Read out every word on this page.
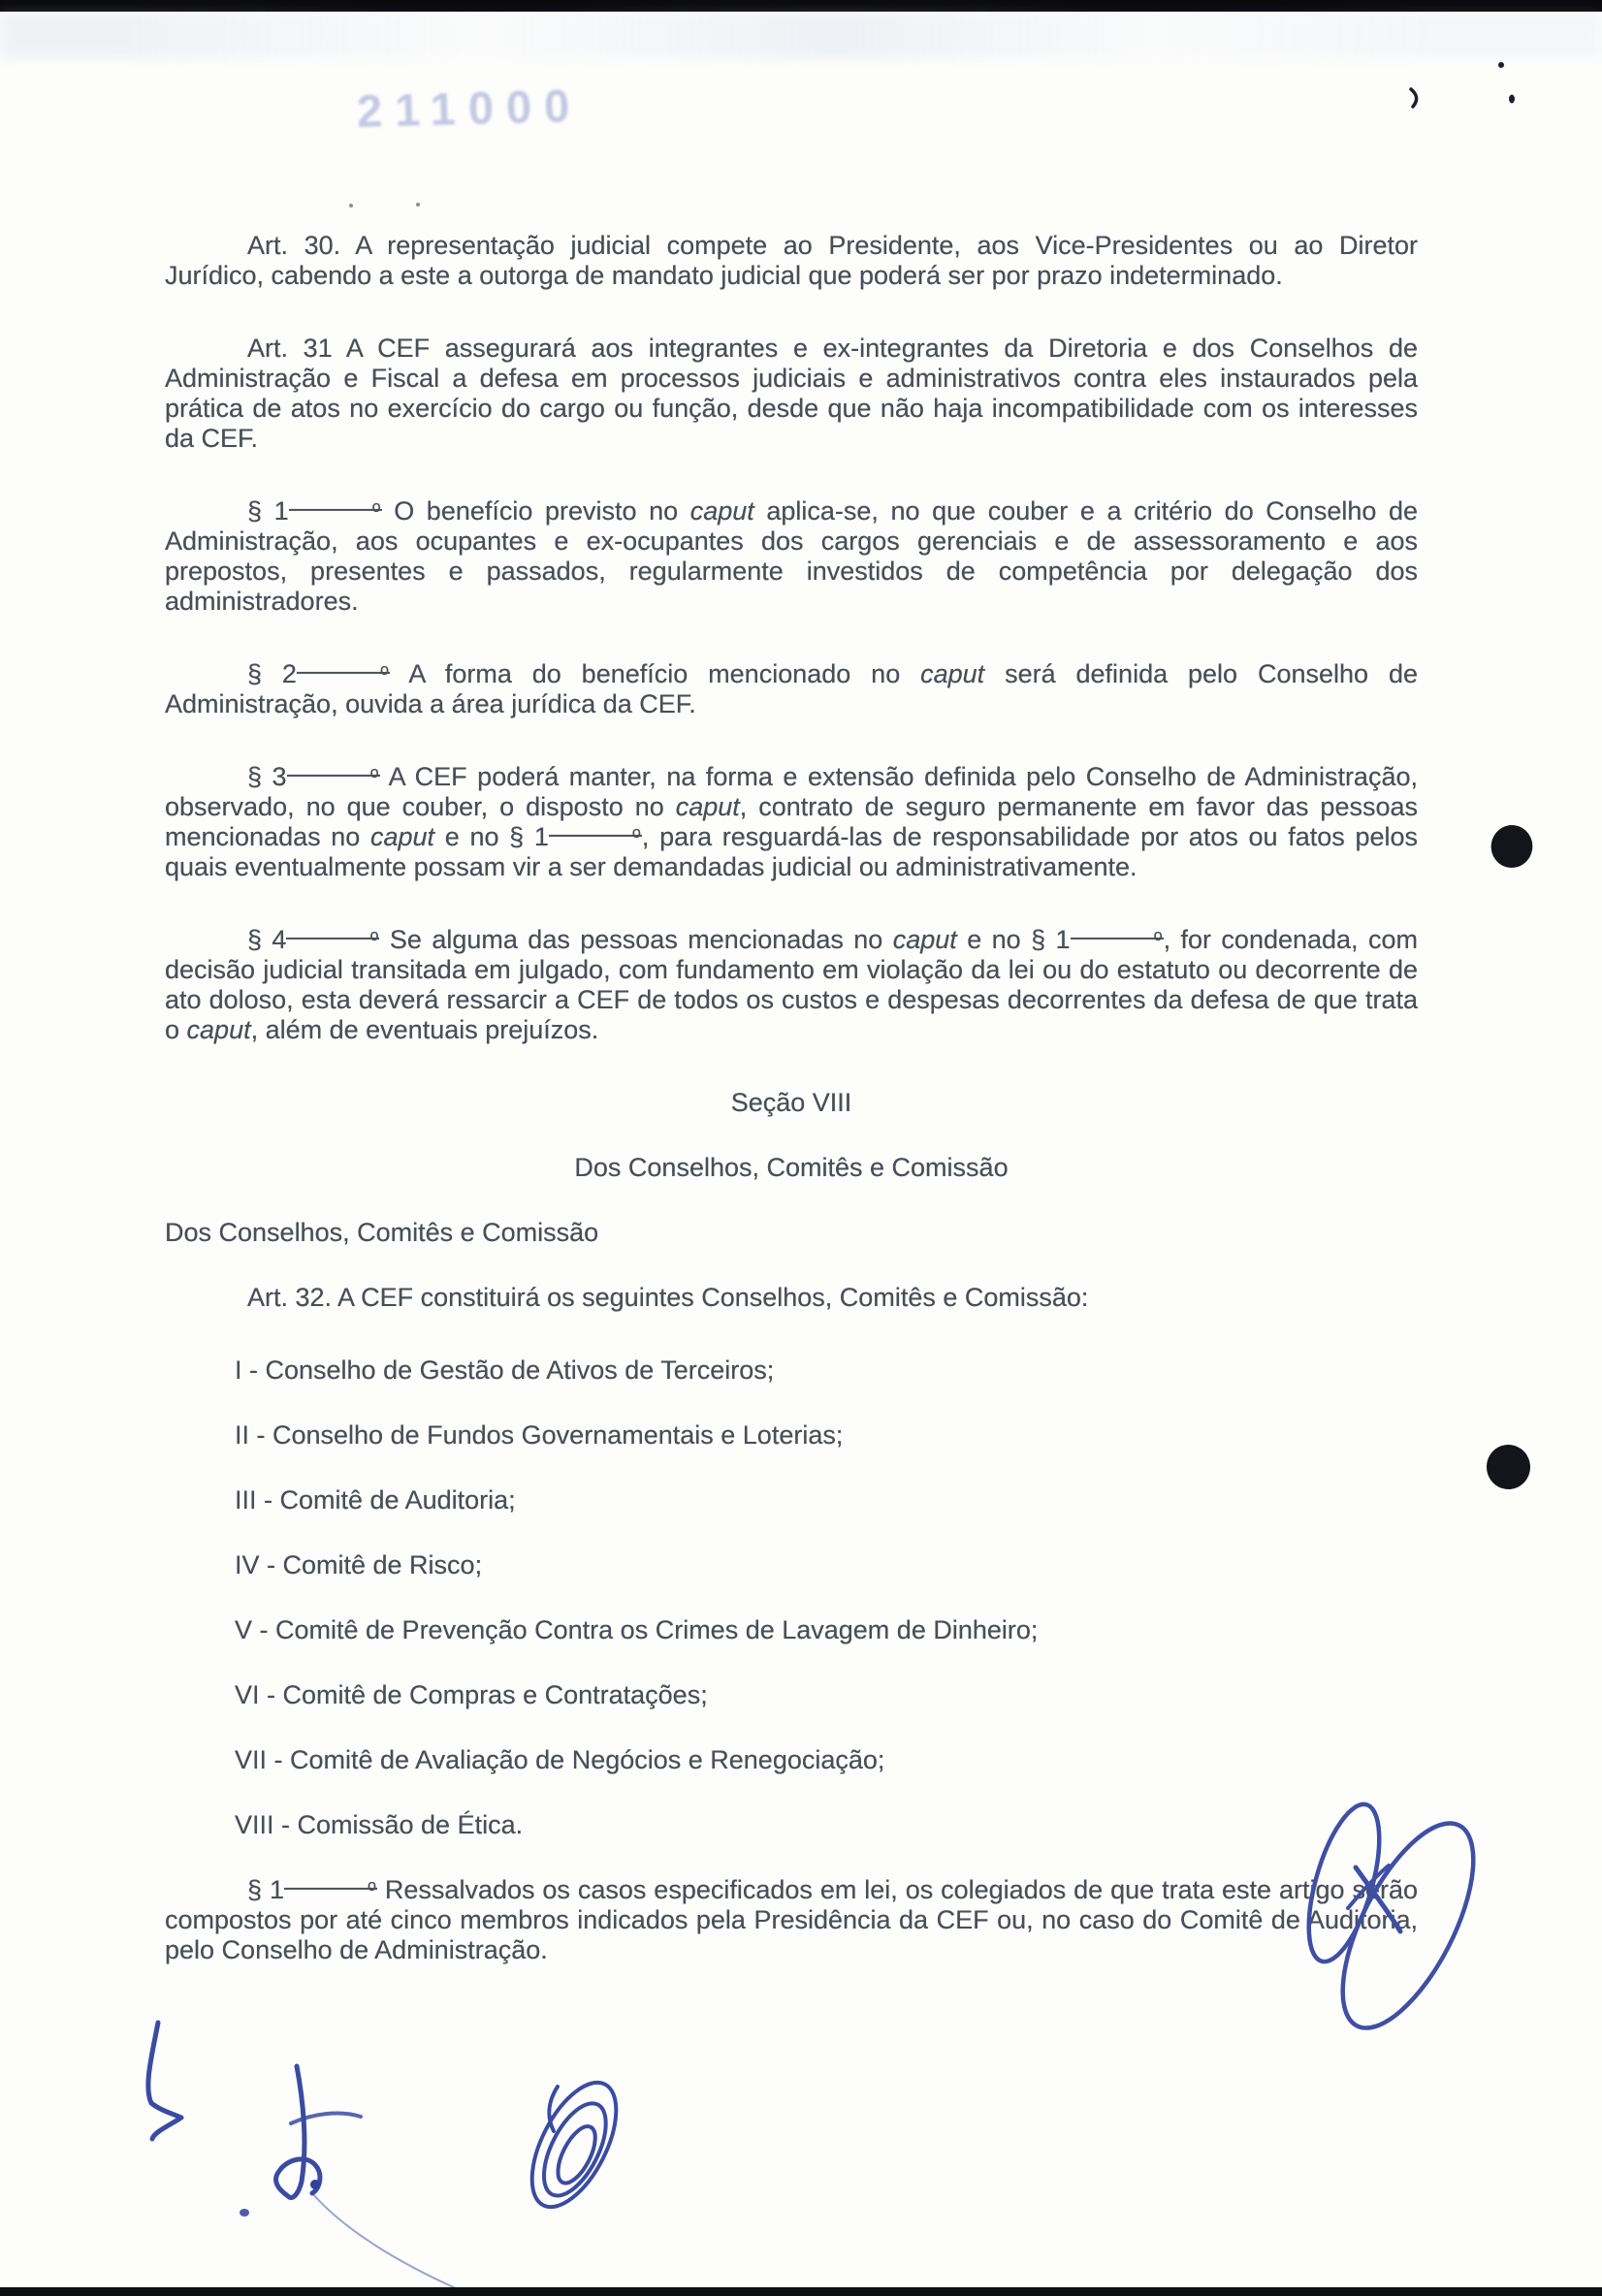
211000

Art. 30. A representação judicial compete ao Presidente, aos Vice-Presidentes ou ao Diretor Jurídico, cabendo a este a outorga de mandato judicial que poderá ser por prazo indeterminado.

Art. 31 A CEF assegurará aos integrantes e ex-integrantes da Diretoria e dos Conselhos de Administração e Fiscal a defesa em processos judiciais e administrativos contra eles instaurados pela prática de atos no exercício do cargo ou função, desde que não haja incompatibilidade com os interesses da CEF.

§ 1	o O benefício previsto no caput aplica-se, no que couber e a critério do Conselho de Administração, aos ocupantes e ex-ocupantes dos cargos gerenciais e de assessoramento e aos prepostos, presentes e passados, regularmente investidos de competência por delegação dos administradores.

§ 2	o A forma do benefício mencionado no caput será definida pelo Conselho de Administração, ouvida a área jurídica da CEF.

§ 3	o A CEF poderá manter, na forma e extensão definida pelo Conselho de Administração, observado, no que couber, o disposto no caput, contrato de seguro permanente em favor das pessoas mencionadas no caput e no § 1	o, para resguardá-las de responsabilidade por atos ou fatos pelos quais eventualmente possam vir a ser demandadas judicial ou administrativamente.

§ 4	o Se alguma das pessoas mencionadas no caput e no § 1	o, for condenada, com decisão judicial transitada em julgado, com fundamento em violação da lei ou do estatuto ou decorrente de ato doloso, esta deverá ressarcir a CEF de todos os custos e despesas decorrentes da defesa de que trata o caput, além de eventuais prejuízos.

Seção VIII

Dos Conselhos, Comitês e Comissão

Dos Conselhos, Comitês e Comissão

Art. 32. A CEF constituirá os seguintes Conselhos, Comitês e Comissão:

I - Conselho de Gestão de Ativos de Terceiros;

II - Conselho de Fundos Governamentais e Loterias;

III - Comitê de Auditoria;

IV - Comitê de Risco;

V - Comitê de Prevenção Contra os Crimes de Lavagem de Dinheiro;

VI - Comitê de Compras e Contratações;

VII - Comitê de Avaliação de Negócios e Renegociação;

VIII - Comissão de Ética.

§ 1	o Ressalvados os casos especificados em lei, os colegiados de que trata este artigo serão compostos por até cinco membros indicados pela Presidência da CEF ou, no caso do Comitê de Auditoria, pelo Conselho de Administração.
